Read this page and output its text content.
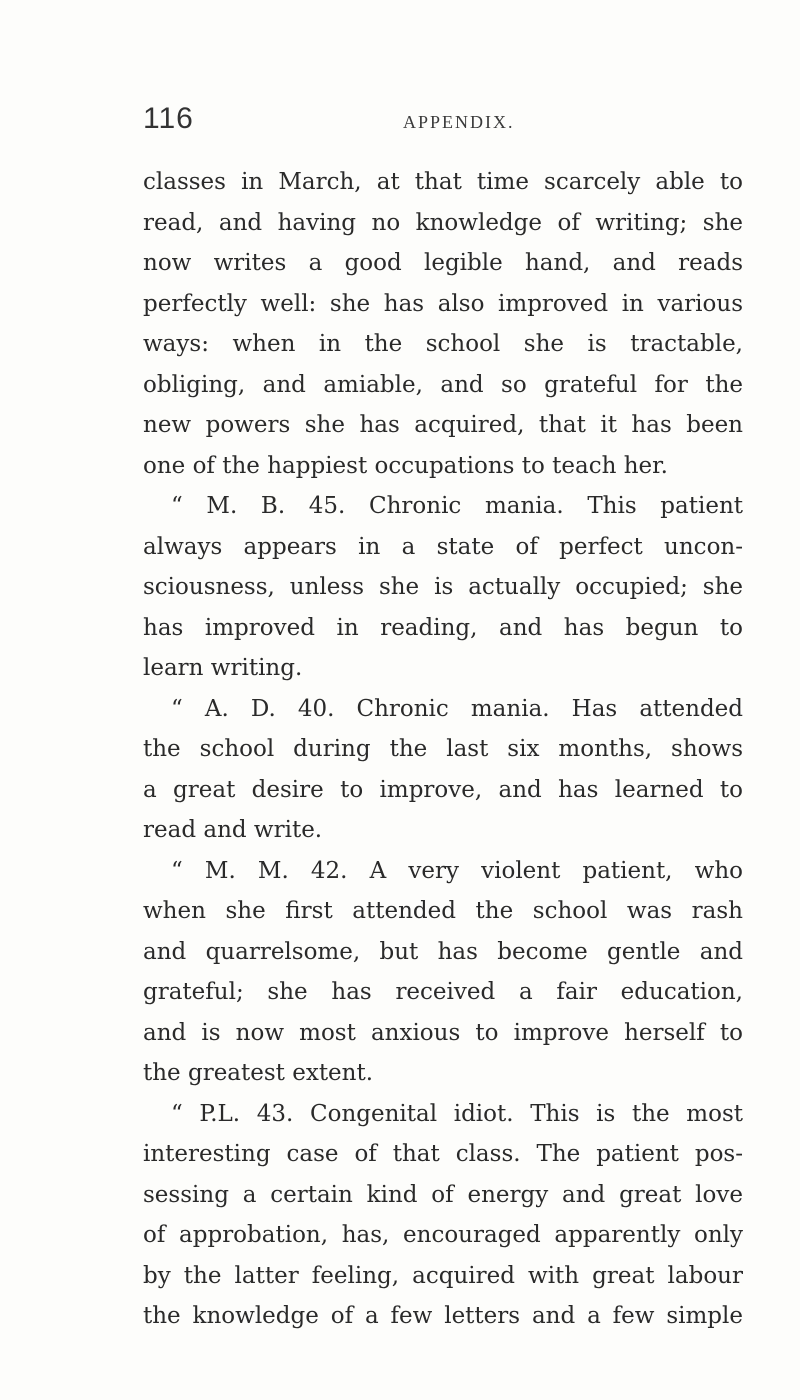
116	APPENDIX.
classes in March, at that time scarcely able to
read, and having no knowledge of writing; she
now writes a good legible hand, and reads
perfectly well: she has also improved in various
ways: when in the school she is tractable,
obliging, and amiable, and so grateful for the
new powers she has acquired, that it has been
one of the happiest occupations to teach her.
“ M. B. 45. Chronic mania. This patient
always appears in a state of perfect uncon-
sciousness, unless she is actually occupied; she
has improved in reading, and has begun to
learn writing.
“ A. D. 40. Chronic mania. Has attended
the school during the last six months, shows
a great desire to improve, and has learned to
read and write.
“ M. M. 42. A very violent patient, who
when she first attended the school was rash
and quarrelsome, but has become gentle and
grateful; she has received a fair education,
and is now most anxious to improve herself to
the greatest extent.
“ P.L. 43. Congenital idiot. This is the most
interesting case of that class. The patient pos-
sessing a certain kind of energy and great love
of approbation, has, encouraged apparently only
by the latter feeling, acquired with great labour
the knowledge of a few letters and a few simple
